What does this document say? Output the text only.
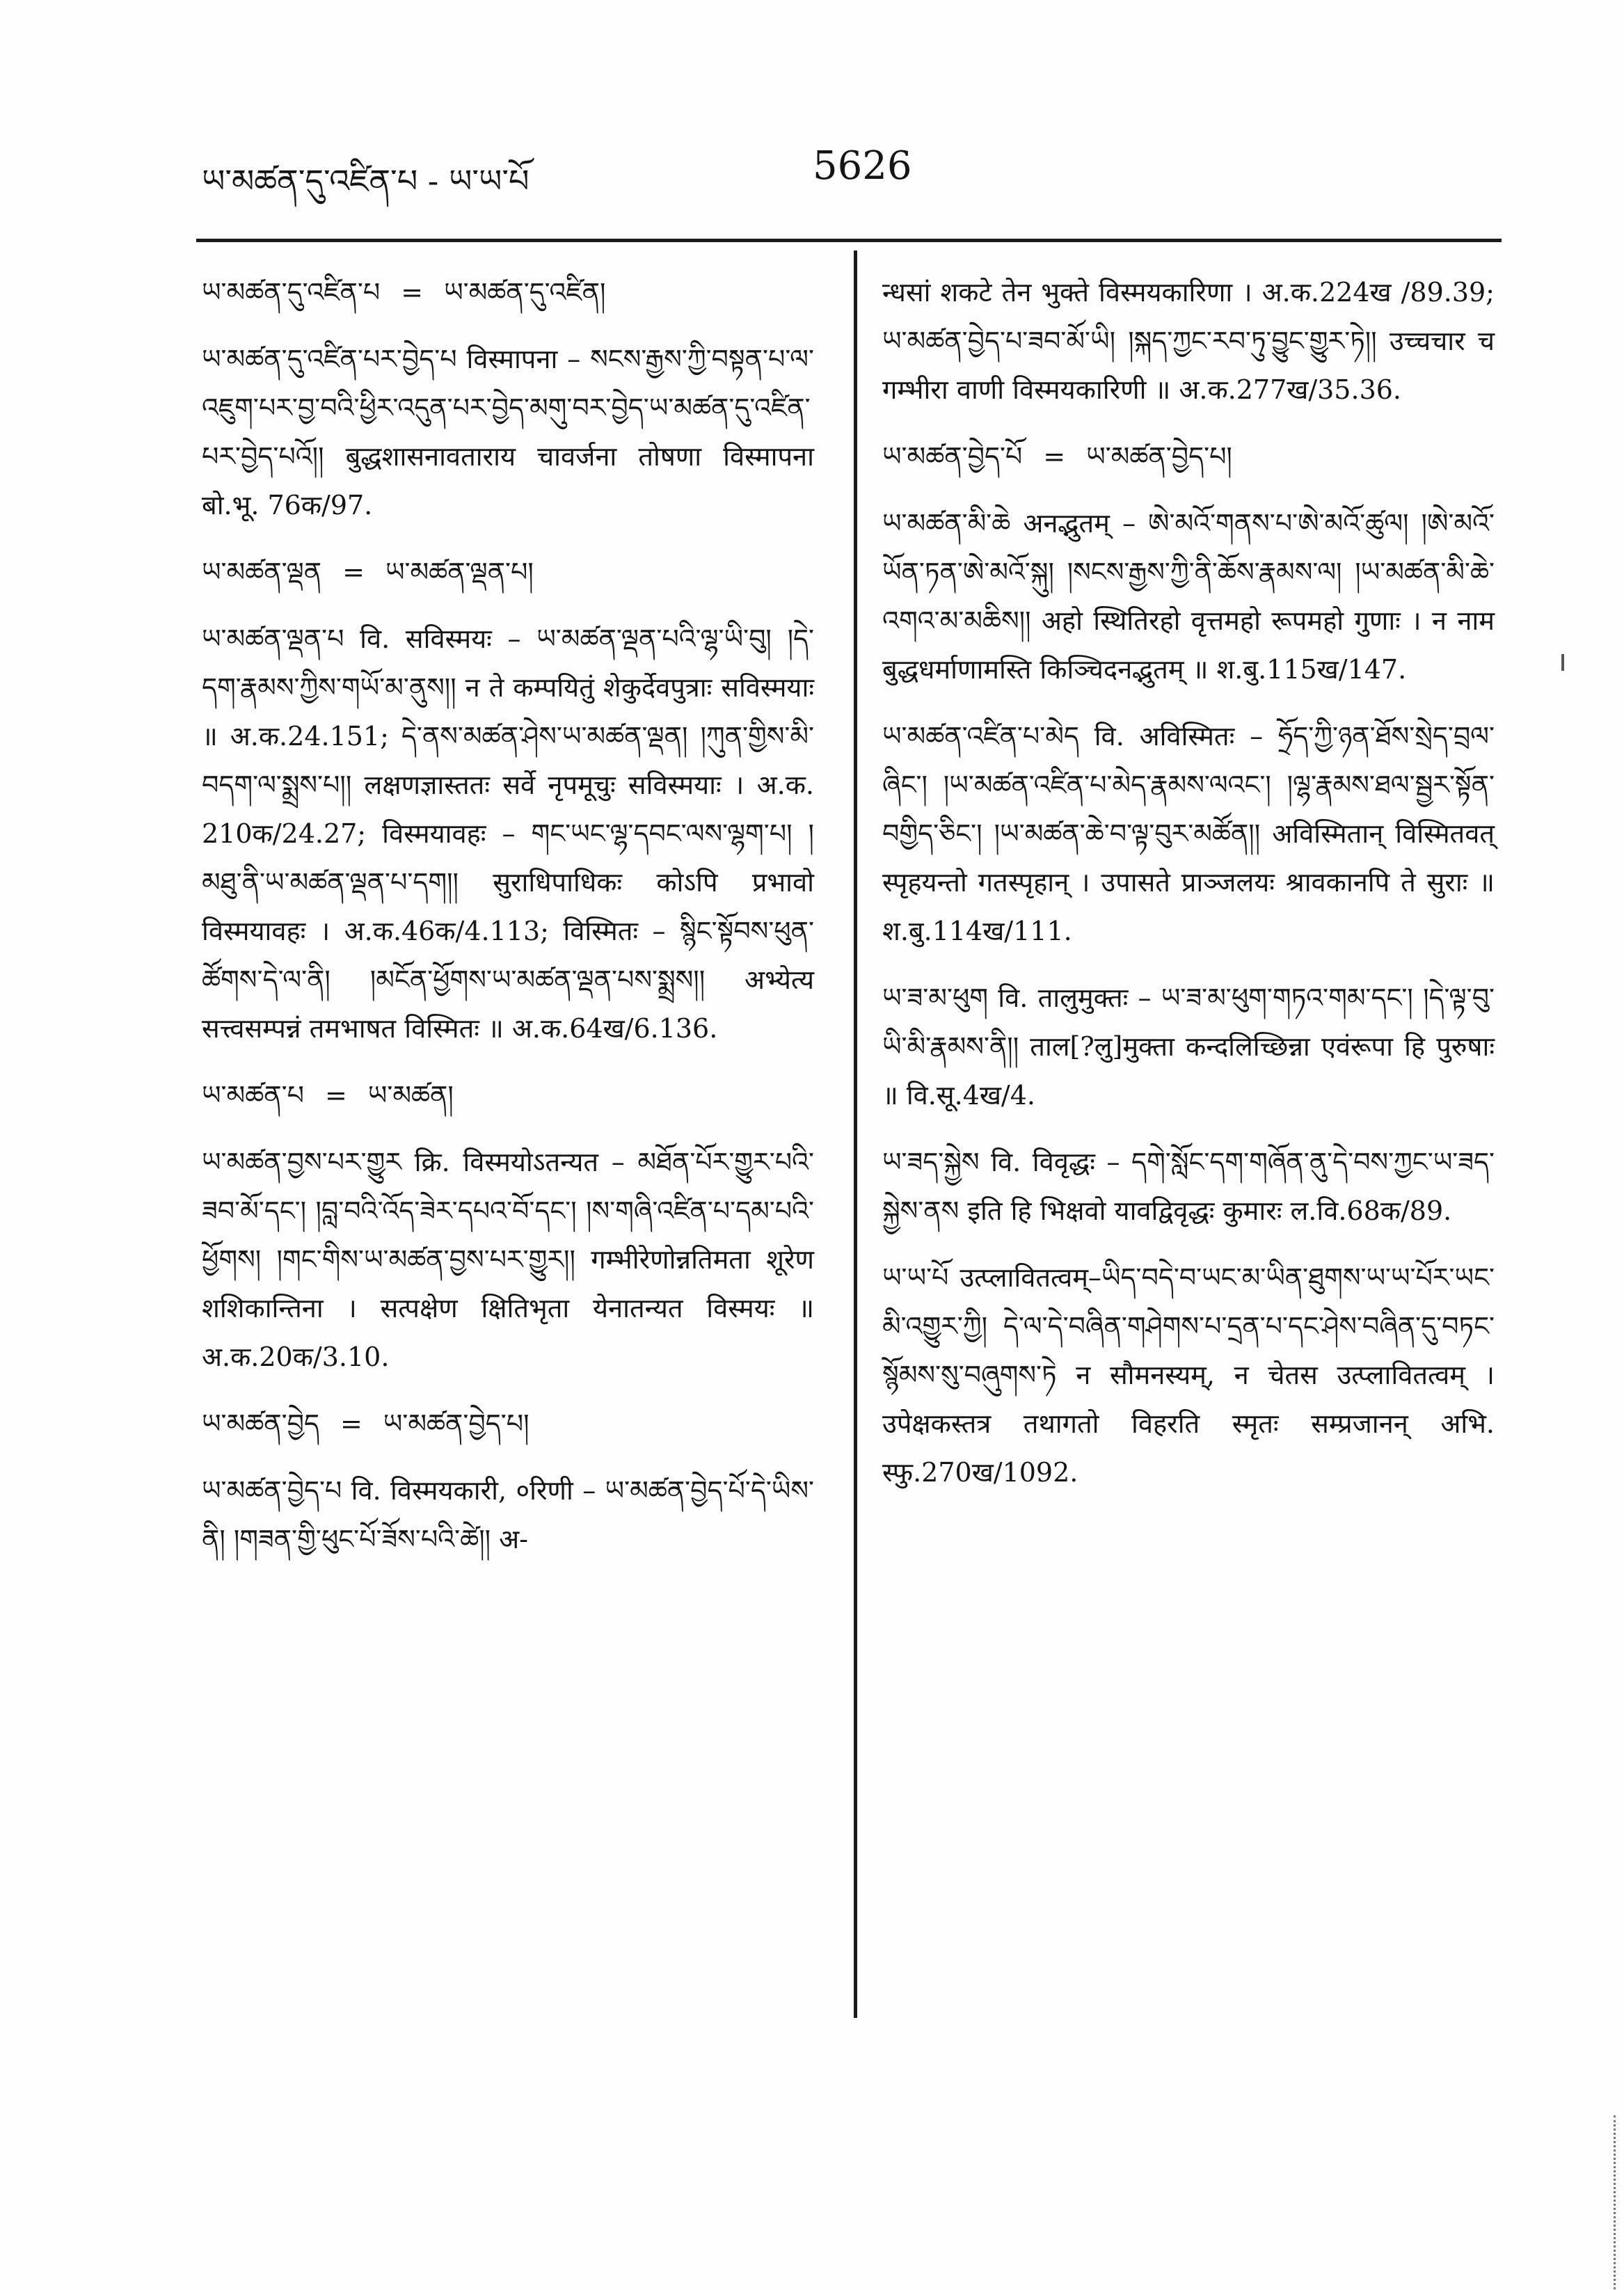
ཡ་མཚན་དུ་འཛིན་པ - ཡ་ཡ་པོ	5626
ཡ་མཚན་དུ་འཛིན་པ = ཡ་མཚན་དུ་འཛིན།

ཡ་མཚན་དུ་འཛིན་པར་བྱེད་པ विस्मापना – སངས་རྒྱས་ཀྱི་བསྟན་པ་ལ་འཇུག་པར་བྱ་བའི་ཕྱིར་འདུན་པར་བྱེད་མགུ་བར་བྱེད་ཡ་མཚན་དུ་འཛིན་པར་བྱེད་པའོ།། बुद्धशासनावताराय चावर्जना तोषणा विस्मापना बो.भू. 76क/97.

ཡ་མཚན་ལྡན = ཡ་མཚན་ལྡན་པ།

ཡ་མཚན་ལྡན་པ वि. सविस्मयः – ཡ་མཚན་ལྡན་པའི་ལྷ་ཡི་བུ། །དེ་དག་རྣམས་ཀྱིས་གཡོ་མ་ནུས།། न ते कम्पयितुं शेकुर्देवपुत्राः सविस्मयाः ॥ अ.क.24.151; དེ་ནས་མཚན་ཤེས་ཡ་མཚན་ལྡན། །ཀུན་གྱིས་མི་བདག་ལ་སྨྲས་པ།། लक्षणज्ञास्ततः सर्वे नृपमूचुः सविस्मयाः । अ.क. 210क/24.27; विस्मयावहः – གང་ཡང་ལྷ་དབང་ལས་ལྷག་པ། །མཐུ་ནི་ཡ་མཚན་ལྡན་པ་དག།། सुराधिपाधिकः कोऽपि प्रभावो विस्मयावहः । अ.क.46क/4.113; विस्मितः – སྙིང་སྟོབས་ཕུན་ཚོགས་དེ་ལ་ནི། །མངོན་ཕྱོགས་ཡ་མཚན་ལྡན་པས་སྨྲས།། अभ्येत्य सत्त्वसम्पन्नं तमभाषत विस्मितः ॥ अ.क.64ख/6.136.

ཡ་མཚན་པ = ཡ་མཚན།

ཡ་མཚན་བྱས་པར་གྱུར क्रि. विस्मयोऽतन्यत – མཐོན་པོར་གྱུར་པའི་ཟབ་མོ་དང་། །བླ་བའི་འོད་ཟེར་དཔའ་བོ་དང་། །ས་གཞི་འཛིན་པ་དམ་པའི་ཕྱོགས། །གང་གིས་ཡ་མཚན་བྱས་པར་གྱུར།། गम्भीरेणोन्नतिमता शूरेण शशिकान्तिना । सत्पक्षेण क्षितिभृता येनातन्यत विस्मयः ॥ अ.क.20क/3.10.

ཡ་མཚན་བྱེད = ཡ་མཚན་བྱེད་པ།

ཡ་མཚན་བྱེད་པ वि. विस्मयकारी, ०रिणी – ཡ་མཚན་བྱེད་པོ་དེ་ཡིས་ནི། །གཟན་གྱི་ཕུང་པོ་ཟོས་པའི་ཚེ།། अ-

न्धसां शकटे तेन भुक्ते विस्मयकारिणा । अ.क.224ख /89.39; ཡ་མཚན་བྱེད་པ་ཟབ་མོ་ཡི། །སྐད་ཀྱང་རབ་ཏུ་བྱུང་གྱུར་ཏེ།། उच्चचार च गम्भीरा वाणी विस्मयकारिणी ॥ अ.क.277ख/35.36.

ཡ་མཚན་བྱེད་པོ = ཡ་མཚན་བྱེད་པ།

ཡ་མཚན་མི་ཆེ अनद्भुतम् – ཨེ་མའོ་གནས་པ་ཨེ་མའོ་ཚུལ། །ཨེ་མའོ་ཡོན་ཏན་ཨེ་མའོ་སྐུ། །སངས་རྒྱས་ཀྱི་ནི་ཆོས་རྣམས་ལ། །ཡ་མཚན་མི་ཆེ་འགའ་མ་མཆིས།། अहो स्थितिरहो वृत्तमहो रूपमहो गुणाः । न नाम बुद्धधर्माणामस्ति किञ्चिदनद्भुतम् ॥ श.बु.115ख/147.

ཡ་མཚན་འཛིན་པ་མེད वि. अविस्मितः – ཧྲོད་ཀྱི་ཉན་ཐོས་སྲེད་བྲལ་ཞིང་། །ཡ་མཚན་འཛིན་པ་མེད་རྣམས་ལའང་། །ལྷ་རྣམས་ཐལ་སྦྱར་སྟོན་བགྱིད་ཅིང་། །ཡ་མཚན་ཆེ་བ་ལྟ་བུར་མཚོན།། अविस्मितान् विस्मितवत् स्पृहयन्तो गतस्पृहान् । उपासते प्राञ्जलयः श्रावकानपि ते सुराः ॥ श.बु.114ख/111.

ཡ་ཟ་མ་ཕུག वि. तालुमुक्तः – ཡ་ཟ་མ་ཕུག་གཏའ་གམ་དང་། །དེ་ལྟ་བུ་ཡི་མི་རྣམས་ནི།། ताल[?लु]मुक्ता कन्दलिच्छिन्ना एवंरूपा हि पुरुषाः ॥ वि.सू.4ख/4.

ཡ་ཟད་སྐྱེས वि. विवृद्धः – དགེ་སློང་དག་གཞོན་ནུ་དེ་བས་ཀྱང་ཡ་ཟད་སྐྱེས་ནས इति हि भिक्षवो यावद्विवृद्धः कुमारः ल.वि.68क/89.

ཡ་ཡ་པོ उत्प्लावितत्वम्–ཡིད་བདེ་བ་ཡང་མ་ཡིན་ཐུགས་ཡ་ཡ་པོར་ཡང་མི་འགྱུར་ཀྱི། དེ་ལ་དེ་བཞིན་གཤེགས་པ་དྲན་པ་དང་ཤེས་བཞིན་དུ་བཏང་སྙོམས་སུ་བཞུགས་ཏེ न सौमनस्यम्, न चेतस उत्प्लावितत्वम् । उपेक्षकस्तत्र तथागतो विहरति स्मृतः सम्प्रजानन् अभि. स्फु.270ख/1092.
